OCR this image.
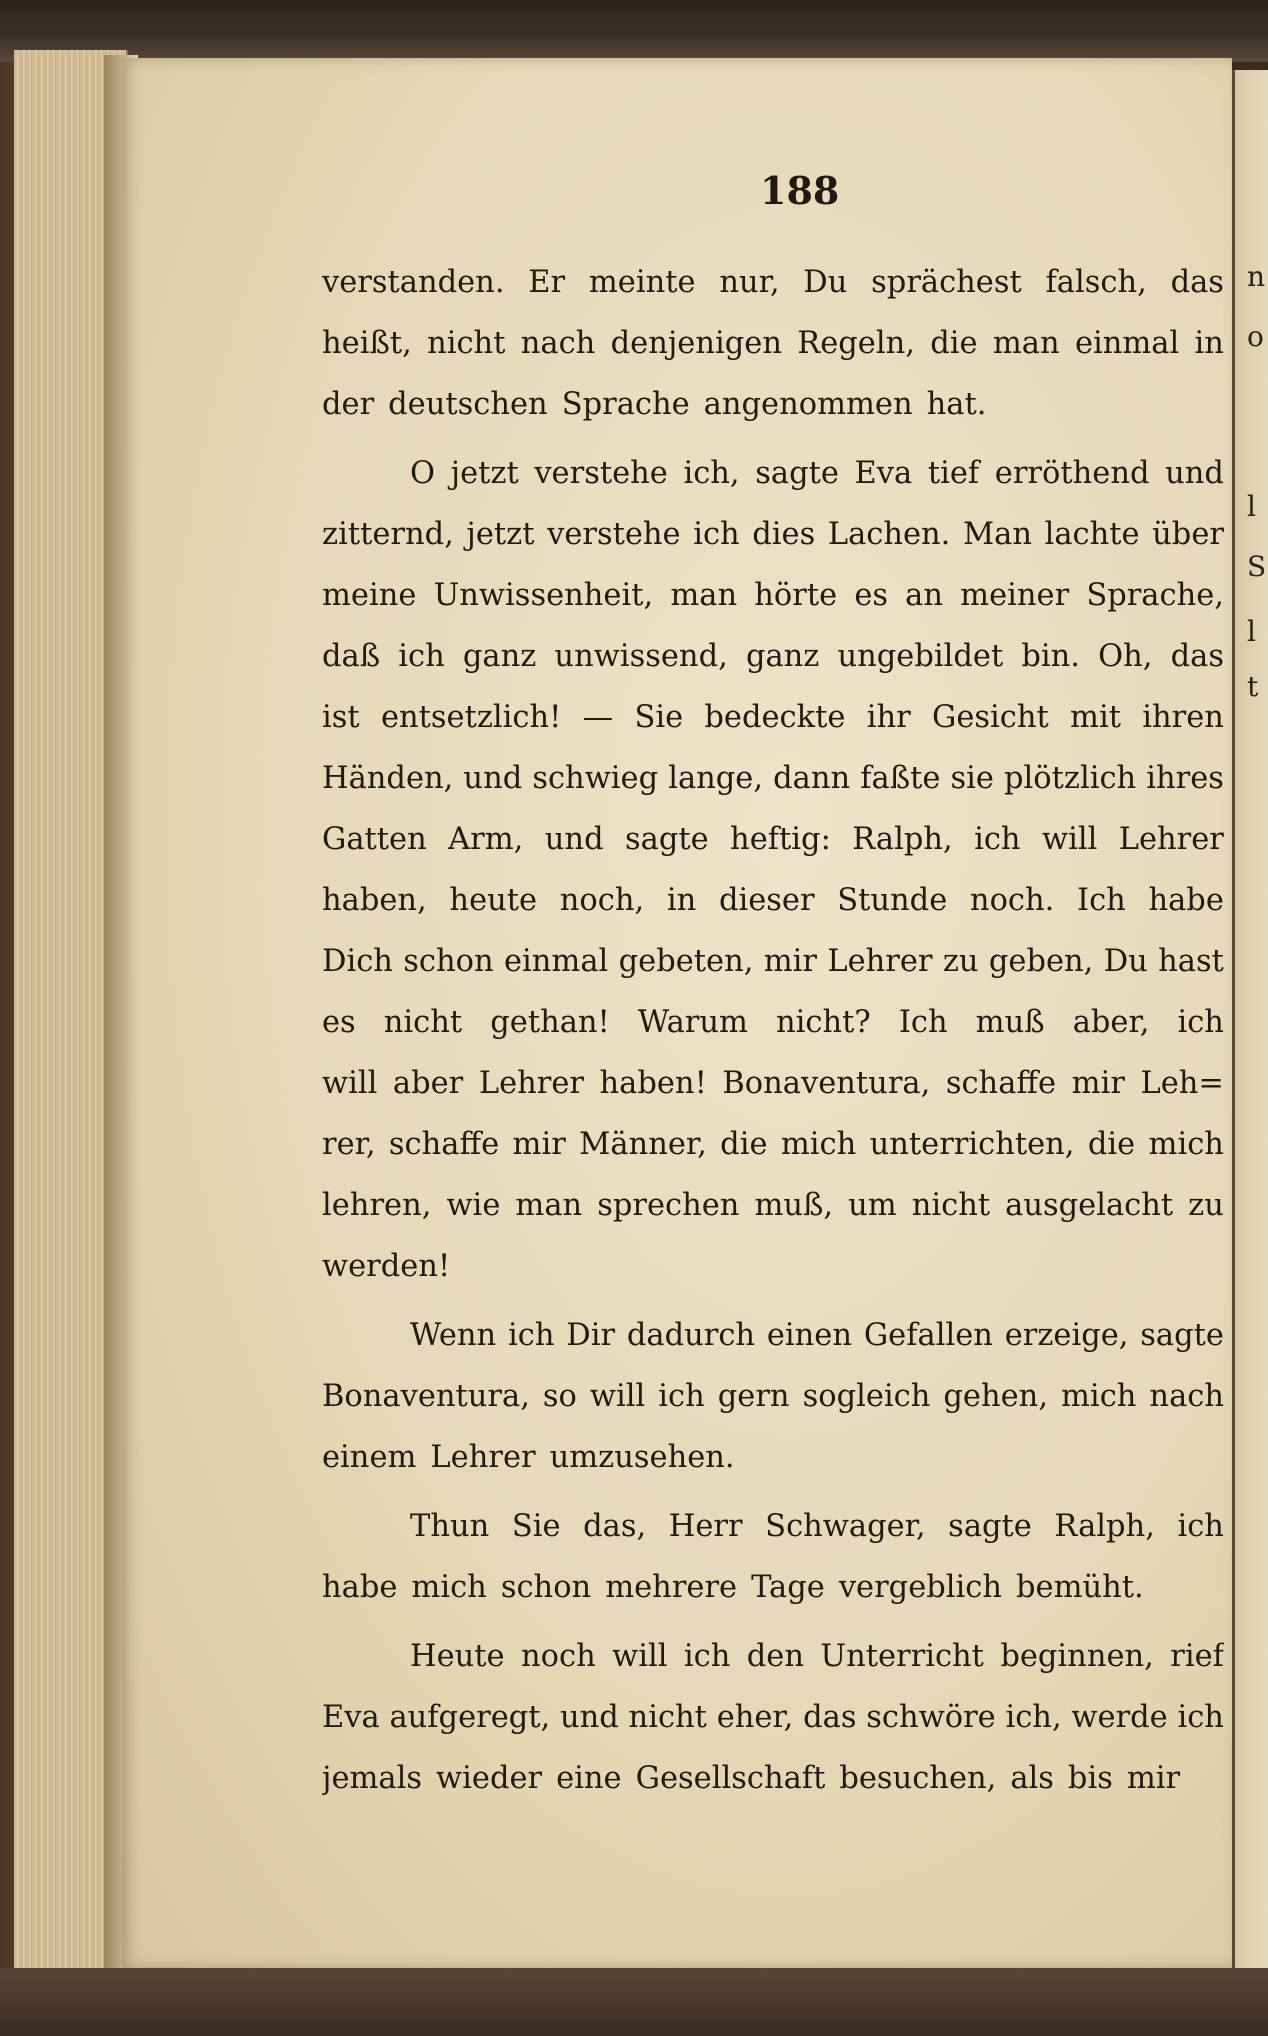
n
o
l
S
l
t
188
verstanden. Er meinte nur, Du sprächest falsch, das
heißt, nicht nach denjenigen Regeln, die man einmal in
der deutschen Sprache angenommen hat.
O jetzt verstehe ich, sagte Eva tief erröthend und
zitternd, jetzt verstehe ich dies Lachen. Man lachte über
meine Unwissenheit, man hörte es an meiner Sprache,
daß ich ganz unwissend, ganz ungebildet bin. Oh, das
ist entsetzlich! — Sie bedeckte ihr Gesicht mit ihren
Händen, und schwieg lange, dann faßte sie plötzlich ihres
Gatten Arm, und sagte heftig: Ralph, ich will Lehrer
haben, heute noch, in dieser Stunde noch. Ich habe
Dich schon einmal gebeten, mir Lehrer zu geben, Du hast
es nicht gethan! Warum nicht? Ich muß aber, ich
will aber Lehrer haben! Bonaventura, schaffe mir Leh=
rer, schaffe mir Männer, die mich unterrichten, die mich
lehren, wie man sprechen muß, um nicht ausgelacht zu
werden!
Wenn ich Dir dadurch einen Gefallen erzeige, sagte
Bonaventura, so will ich gern sogleich gehen, mich nach
einem Lehrer umzusehen.
Thun Sie das, Herr Schwager, sagte Ralph, ich
habe mich schon mehrere Tage vergeblich bemüht.
Heute noch will ich den Unterricht beginnen, rief
Eva aufgeregt, und nicht eher, das schwöre ich, werde ich
jemals wieder eine Gesellschaft besuchen, als bis mir
